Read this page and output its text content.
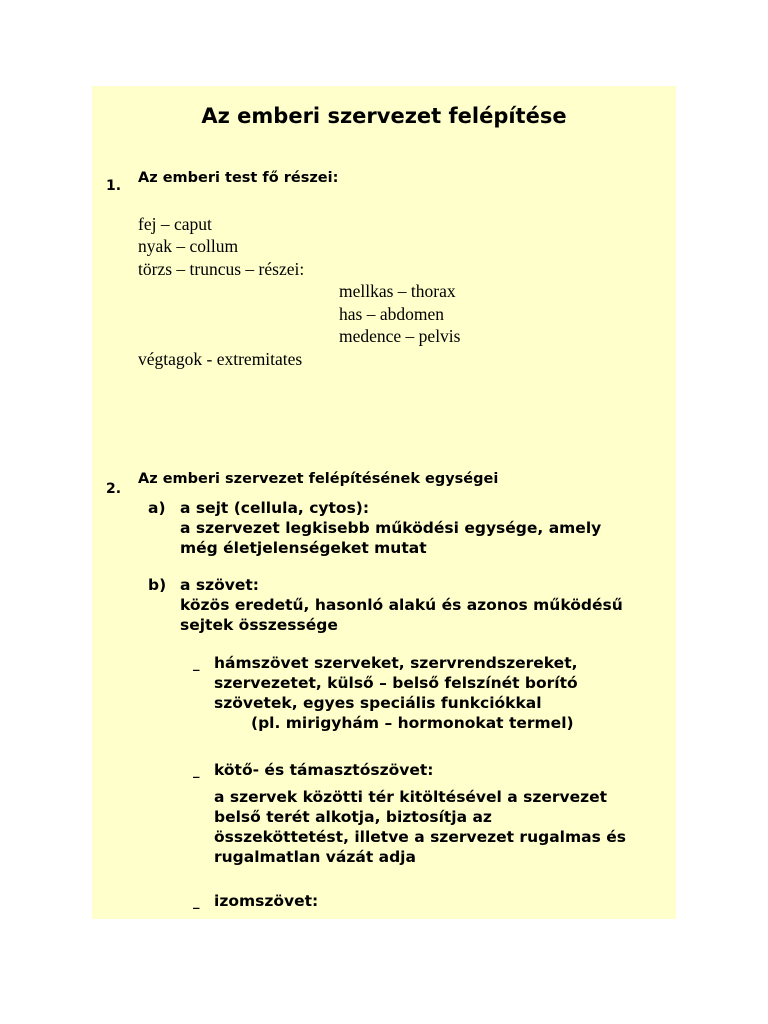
Az emberi szervezet felépítése
1. Az emberi test fő részei:
fej – caput
nyak – collum
törzs – truncus – részei:
mellkas – thorax
has – abdomen
medence – pelvis
végtagok - extremitates
2.
Az emberi szervezet felépítésének egységei
a) a sejt (cellula, cytos):
a szervezet legkisebb működési egysége, amely
még életjelenségeket mutat
b) a szövet:
közös eredetű, hasonló alakú és azonos működésű
sejtek összessége
_ hámszövet szerveket, szervrendszereket,
szervezetet, külső – belső felszínét borító
szövetek, egyes speciális funkciókkal
(pl. mirigyhám – hormonokat termel)
_ kötő- és támasztószövet:
a szervek közötti tér kitöltésével a szervezet
belső terét alkotja, biztosítja az
összeköttetést, illetve a szervezet rugalmas és
rugalmatlan vázát adja
_ izomszövet:
